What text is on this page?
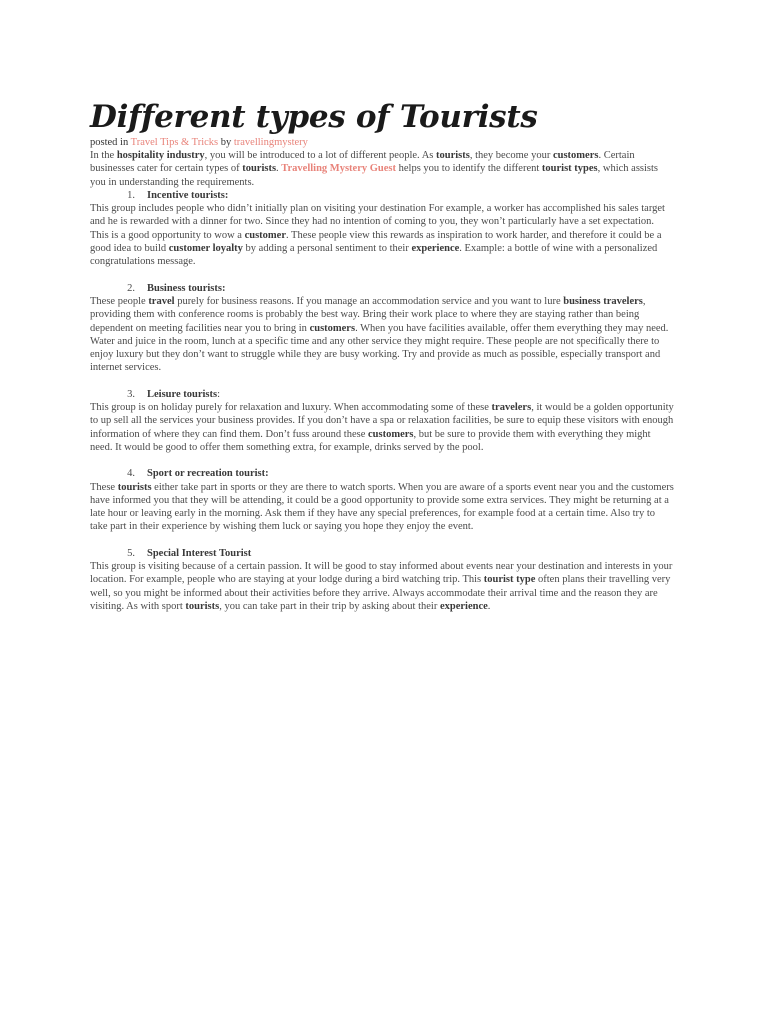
Different types of Tourists

posted in Travel Tips & Tricks by travellingmystery

In the hospitality industry, you will be introduced to a lot of different people. As tourists, they become your customers. Certain businesses cater for certain types of tourists. Travelling Mystery Guest helps you to identify the different tourist types, which assists you in understanding the requirements.

1. Incentive tourists:

This group includes people who didn’t initially plan on visiting your destination For example, a worker has accomplished his sales target and he is rewarded with a dinner for two. Since they had no intention of coming to you, they won’t particularly have a set expectation. This is a good opportunity to wow a customer. These people view this rewards as inspiration to work harder, and therefore it could be a good idea to build customer loyalty by adding a personal sentiment to their experience. Example: a bottle of wine with a personalized congratulations message.

2. Business tourists:

These people travel purely for business reasons. If you manage an accommodation service and you want to lure business travelers, providing them with conference rooms is probably the best way. Bring their work place to where they are staying rather than being dependent on meeting facilities near you to bring in customers. When you have facilities available, offer them everything they may need. Water and juice in the room, lunch at a specific time and any other service they might require. These people are not specifically there to enjoy luxury but they don’t want to struggle while they are busy working. Try and provide as much as possible, especially transport and internet services.

3. Leisure tourists:

This group is on holiday purely for relaxation and luxury. When accommodating some of these travelers, it would be a golden opportunity to up sell all the services your business provides. If you don’t have a spa or relaxation facilities, be sure to equip these visitors with enough information of where they can find them. Don’t fuss around these customers, but be sure to provide them with everything they might need. It would be good to offer them something extra, for example, drinks served by the pool.

4. Sport or recreation tourist:

These tourists either take part in sports or they are there to watch sports. When you are aware of a sports event near you and the customers have informed you that they will be attending, it could be a good opportunity to provide some extra services. They might be returning at a late hour or leaving early in the morning. Ask them if they have any special preferences, for example food at a certain time. Also try to take part in their experience by wishing them luck or saying you hope they enjoy the event.

5. Special Interest Tourist

This group is visiting because of a certain passion. It will be good to stay informed about events near your destination and interests in your location. For example, people who are staying at your lodge during a bird watching trip. This tourist type often plans their travelling very well, so you might be informed about their activities before they arrive. Always accommodate their arrival time and the reason they are visiting. As with sport tourists, you can take part in their trip by asking about their experience.
